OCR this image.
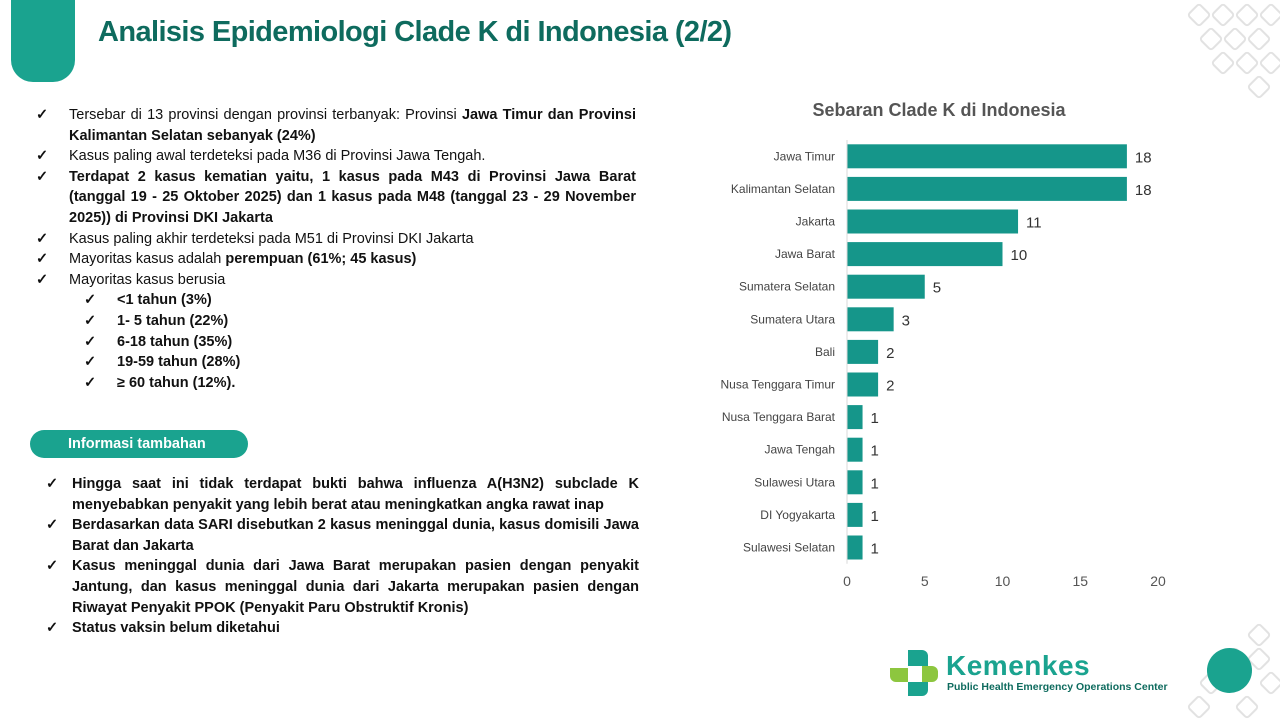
Analisis Epidemiologi Clade K di Indonesia (2/2)
✓	Tersebar di 13 provinsi dengan provinsi terbanyak: Provinsi Jawa Timur dan Provinsi Kalimantan Selatan sebanyak (24%)
✓	Kasus paling awal terdeteksi pada M36 di Provinsi Jawa Tengah.
✓	Terdapat 2 kasus kematian yaitu, 1 kasus pada M43 di Provinsi Jawa Barat (tanggal 19 - 25 Oktober 2025) dan 1 kasus pada M48 (tanggal 23 - 29 November 2025)) di Provinsi DKI Jakarta
✓	Kasus paling akhir terdeteksi pada M51 di Provinsi DKI Jakarta
✓	Mayoritas kasus adalah perempuan (61%; 45 kasus)
✓	Mayoritas kasus berusia
✓	<1 tahun (3%)
✓	1- 5 tahun (22%)
✓	6-18 tahun (35%)
✓	19-59 tahun (28%)
✓	≥ 60 tahun (12%).
Informasi tambahan
✓ Hingga saat ini tidak terdapat bukti bahwa influenza A(H3N2) subclade K menyebabkan penyakit yang lebih berat atau meningkatkan angka rawat inap
✓ Berdasarkan data SARI disebutkan 2 kasus meninggal dunia, kasus domisili Jawa Barat dan Jakarta
✓ Kasus meninggal dunia dari Jawa Barat merupakan pasien dengan penyakit Jantung, dan kasus meninggal dunia dari Jakarta merupakan pasien dengan Riwayat Penyakit PPOK (Penyakit Paru Obstruktif Kronis)
✓ Status vaksin belum diketahui
Sebaran Clade K di Indonesia
Jawa Timur	18
Kalimantan Selatan	18
Jakarta	11
Jawa Barat	10
Sumatera Selatan	5
Sumatera Utara	3
Bali	2
Nusa Tenggara Timur	2
Nusa Tenggara Barat 1
Jawa Tengah 1
Sulawesi Utara 1
DI Yogyakarta 1
Sulawesi Selatan 1
0	5	10	15	20
Kemenkes
Public Health Emergency Operations Center
